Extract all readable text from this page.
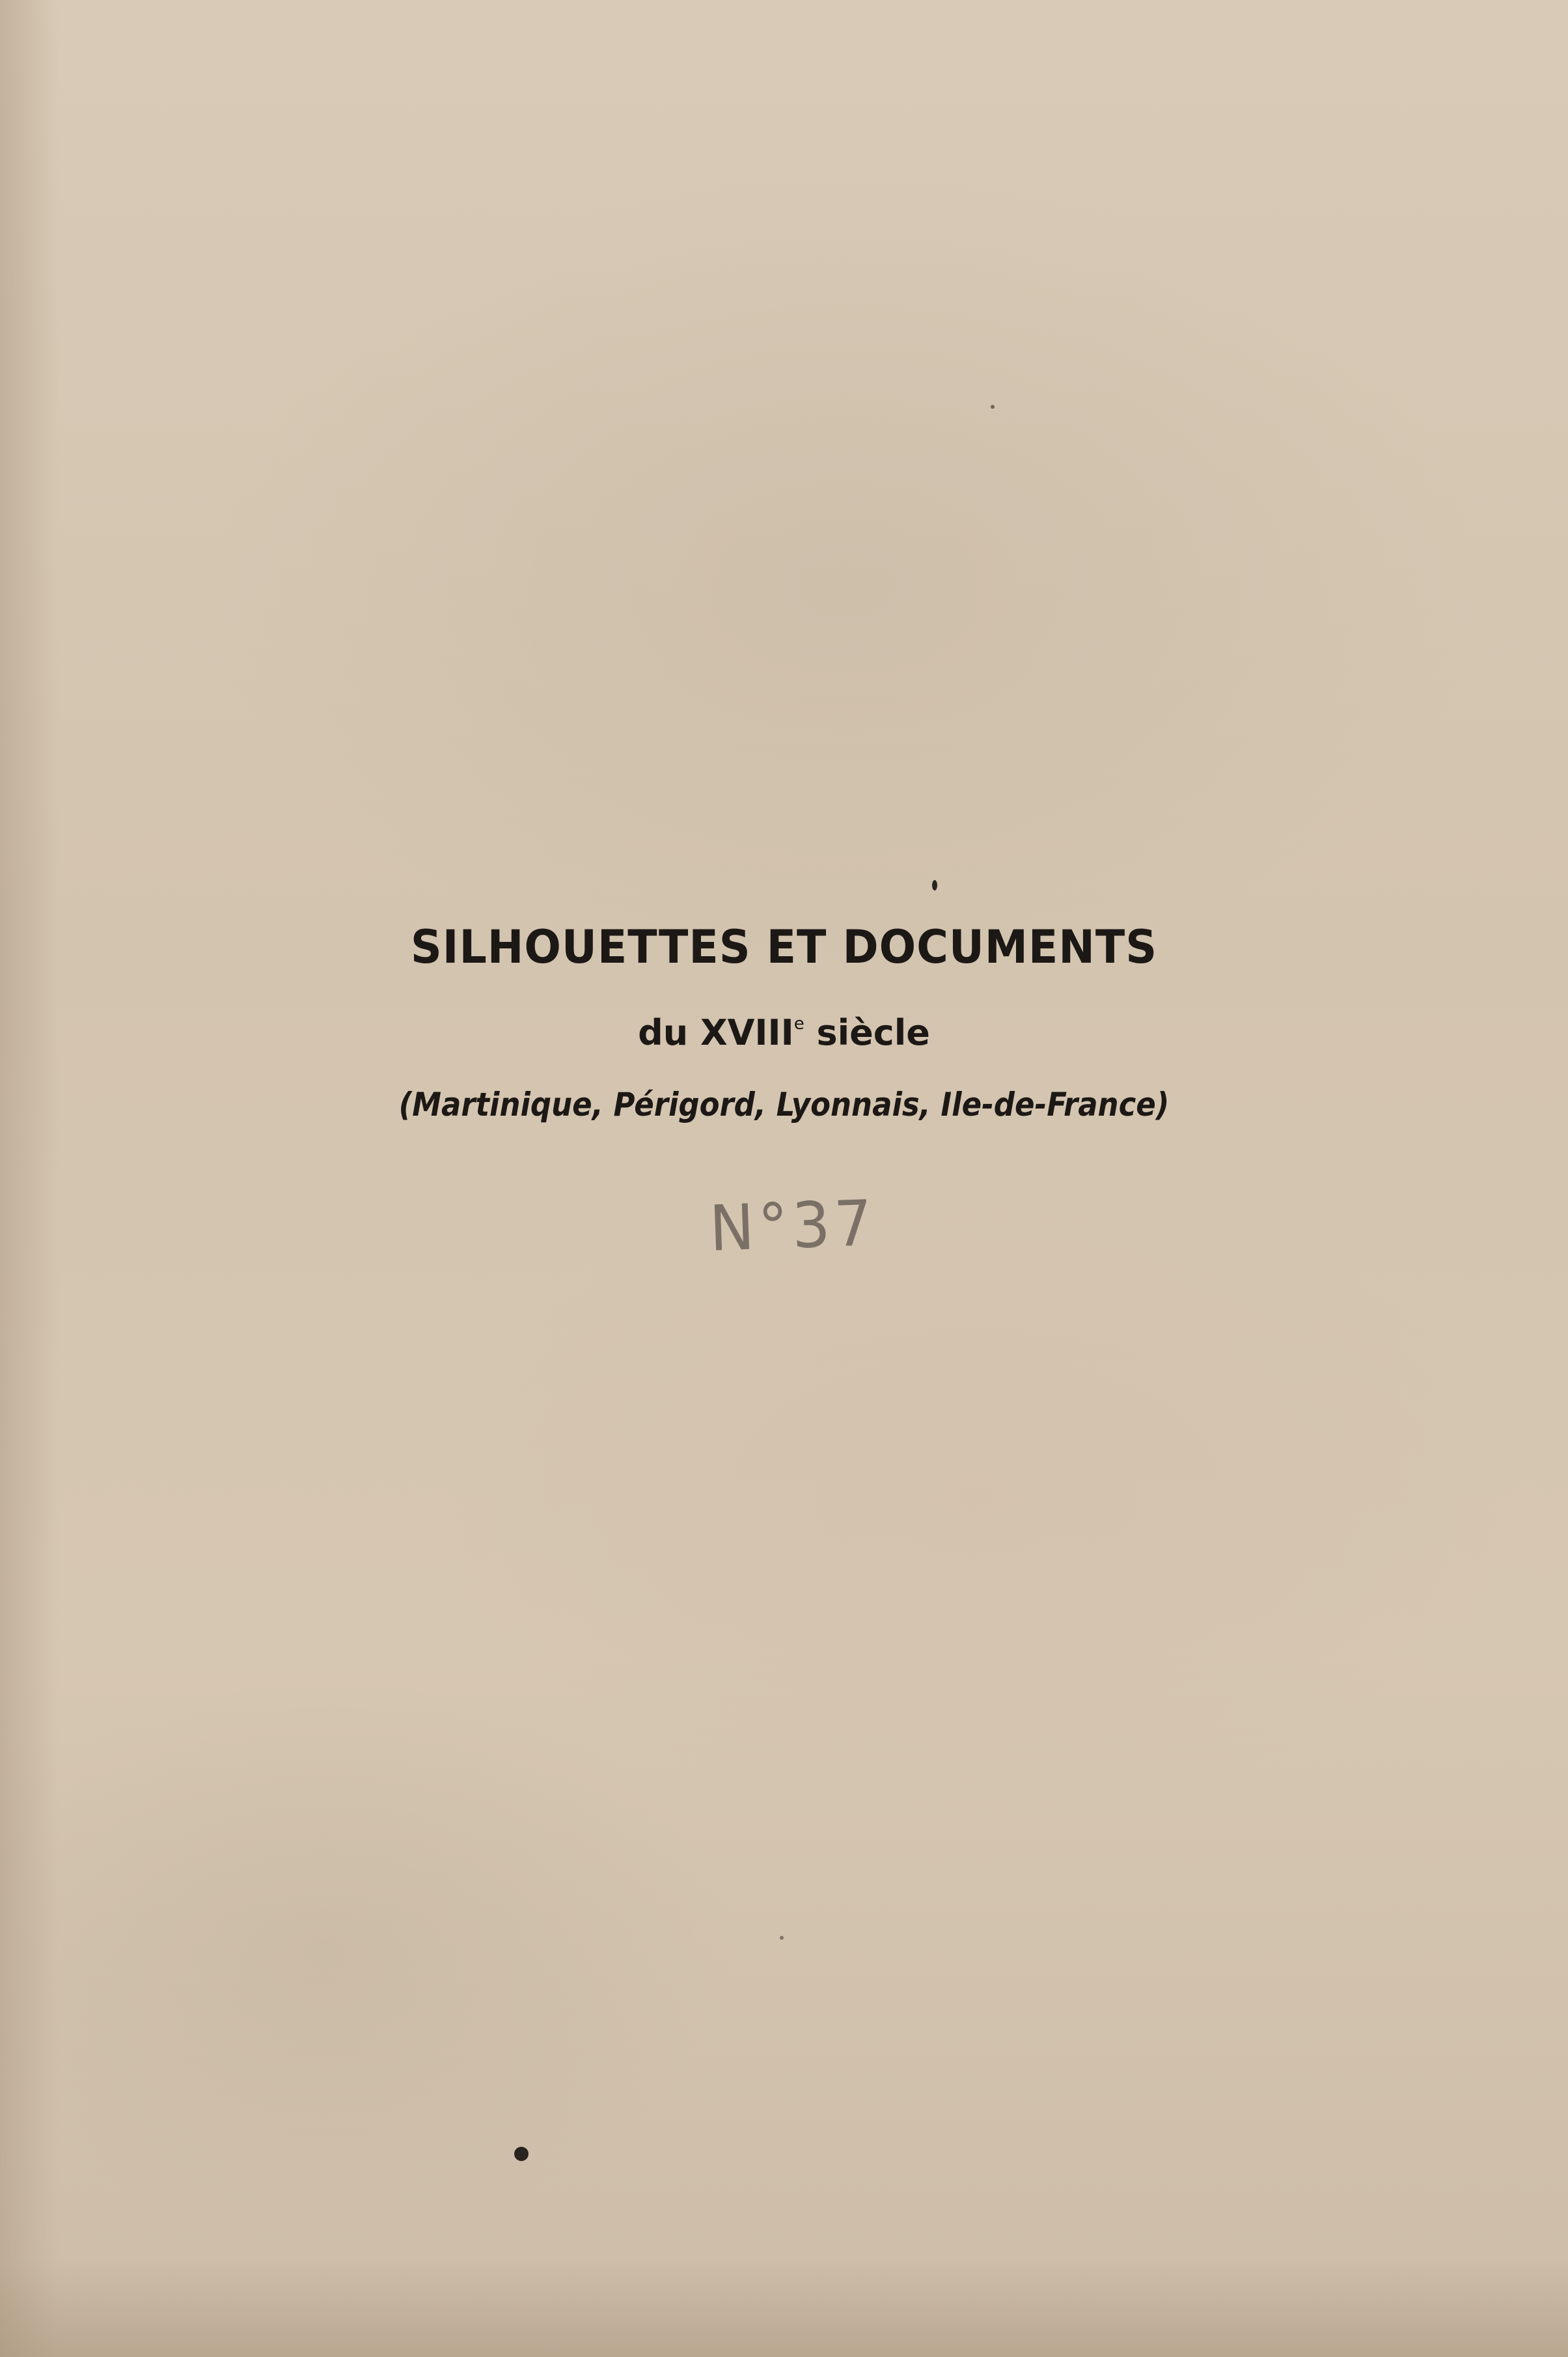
SILHOUETTES ET DOCUMENTS
du XVIIIe siècle
(Martinique, Périgord, Lyonnais, Ile-de-France)
N°37
